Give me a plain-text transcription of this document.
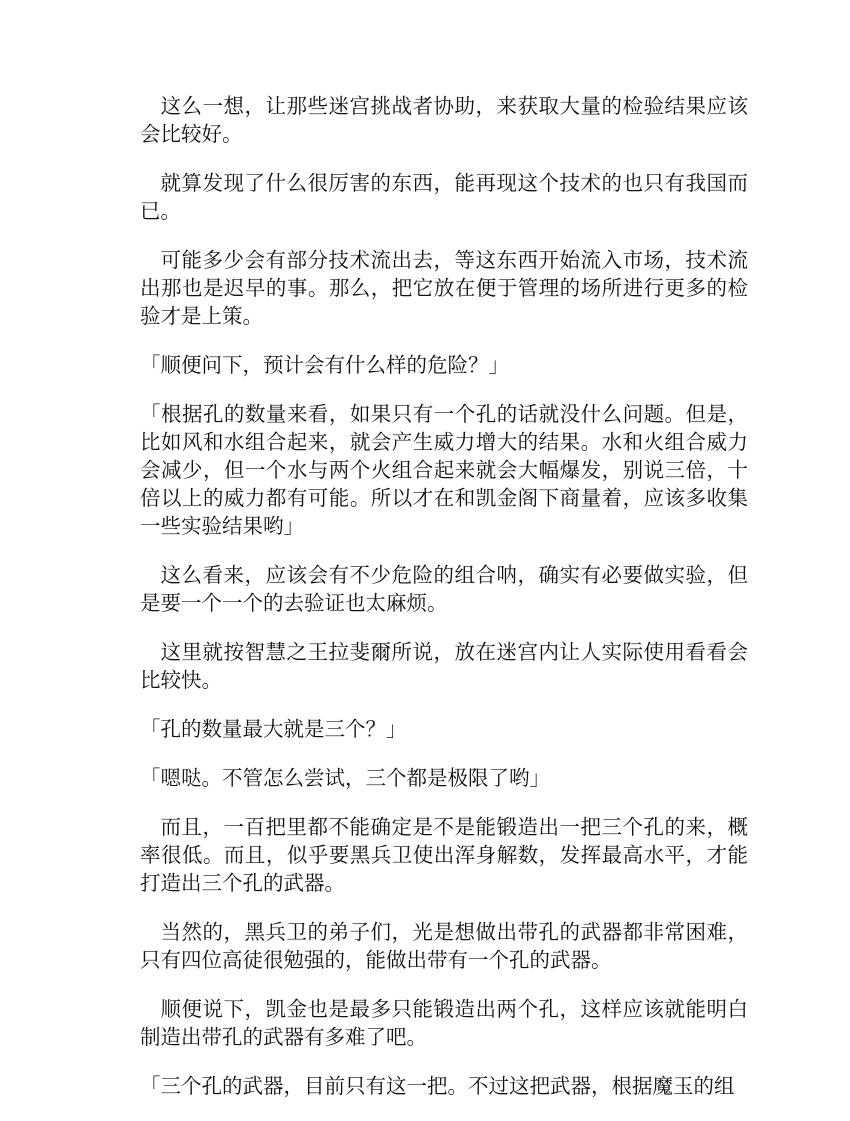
这么一想，让那些迷宫挑战者协助，来获取大量的检验结果应该会比较好。

就算发现了什么很厉害的东西，能再现这个技术的也只有我国而已。

可能多少会有部分技术流出去，等这东西开始流入市场，技术流出那也是迟早的事。那么，把它放在便于管理的场所进行更多的检验才是上策。

「顺便问下，预计会有什么样的危险？」

「根据孔的数量来看，如果只有一个孔的话就没什么问题。但是，比如风和水组合起来，就会产生威力增大的结果。水和火组合威力会减少，但一个水与两个火组合起来就会大幅爆发，别说三倍，十倍以上的威力都有可能。所以才在和凯金阁下商量着，应该多收集一些实验结果哟」

这么看来，应该会有不少危险的组合呐，确实有必要做实验，但是要一个一个的去验证也太麻烦。

这里就按智慧之王拉斐爾所说，放在迷宫内让人实际使用看看会比较快。

「孔的数量最大就是三个？」

「嗯哒。不管怎么尝试，三个都是极限了哟」

而且，一百把里都不能确定是不是能锻造出一把三个孔的来，概率很低。而且，似乎要黑兵卫使出浑身解数，发挥最高水平，才能打造出三个孔的武器。

当然的，黑兵卫的弟子们，光是想做出带孔的武器都非常困难，只有四位高徒很勉强的，能做出带有一个孔的武器。

顺便说下，凯金也是最多只能锻造出两个孔，这样应该就能明白制造出带孔的武器有多难了吧。

「三个孔的武器，目前只有这一把。不过这把武器，根据魔玉的组
